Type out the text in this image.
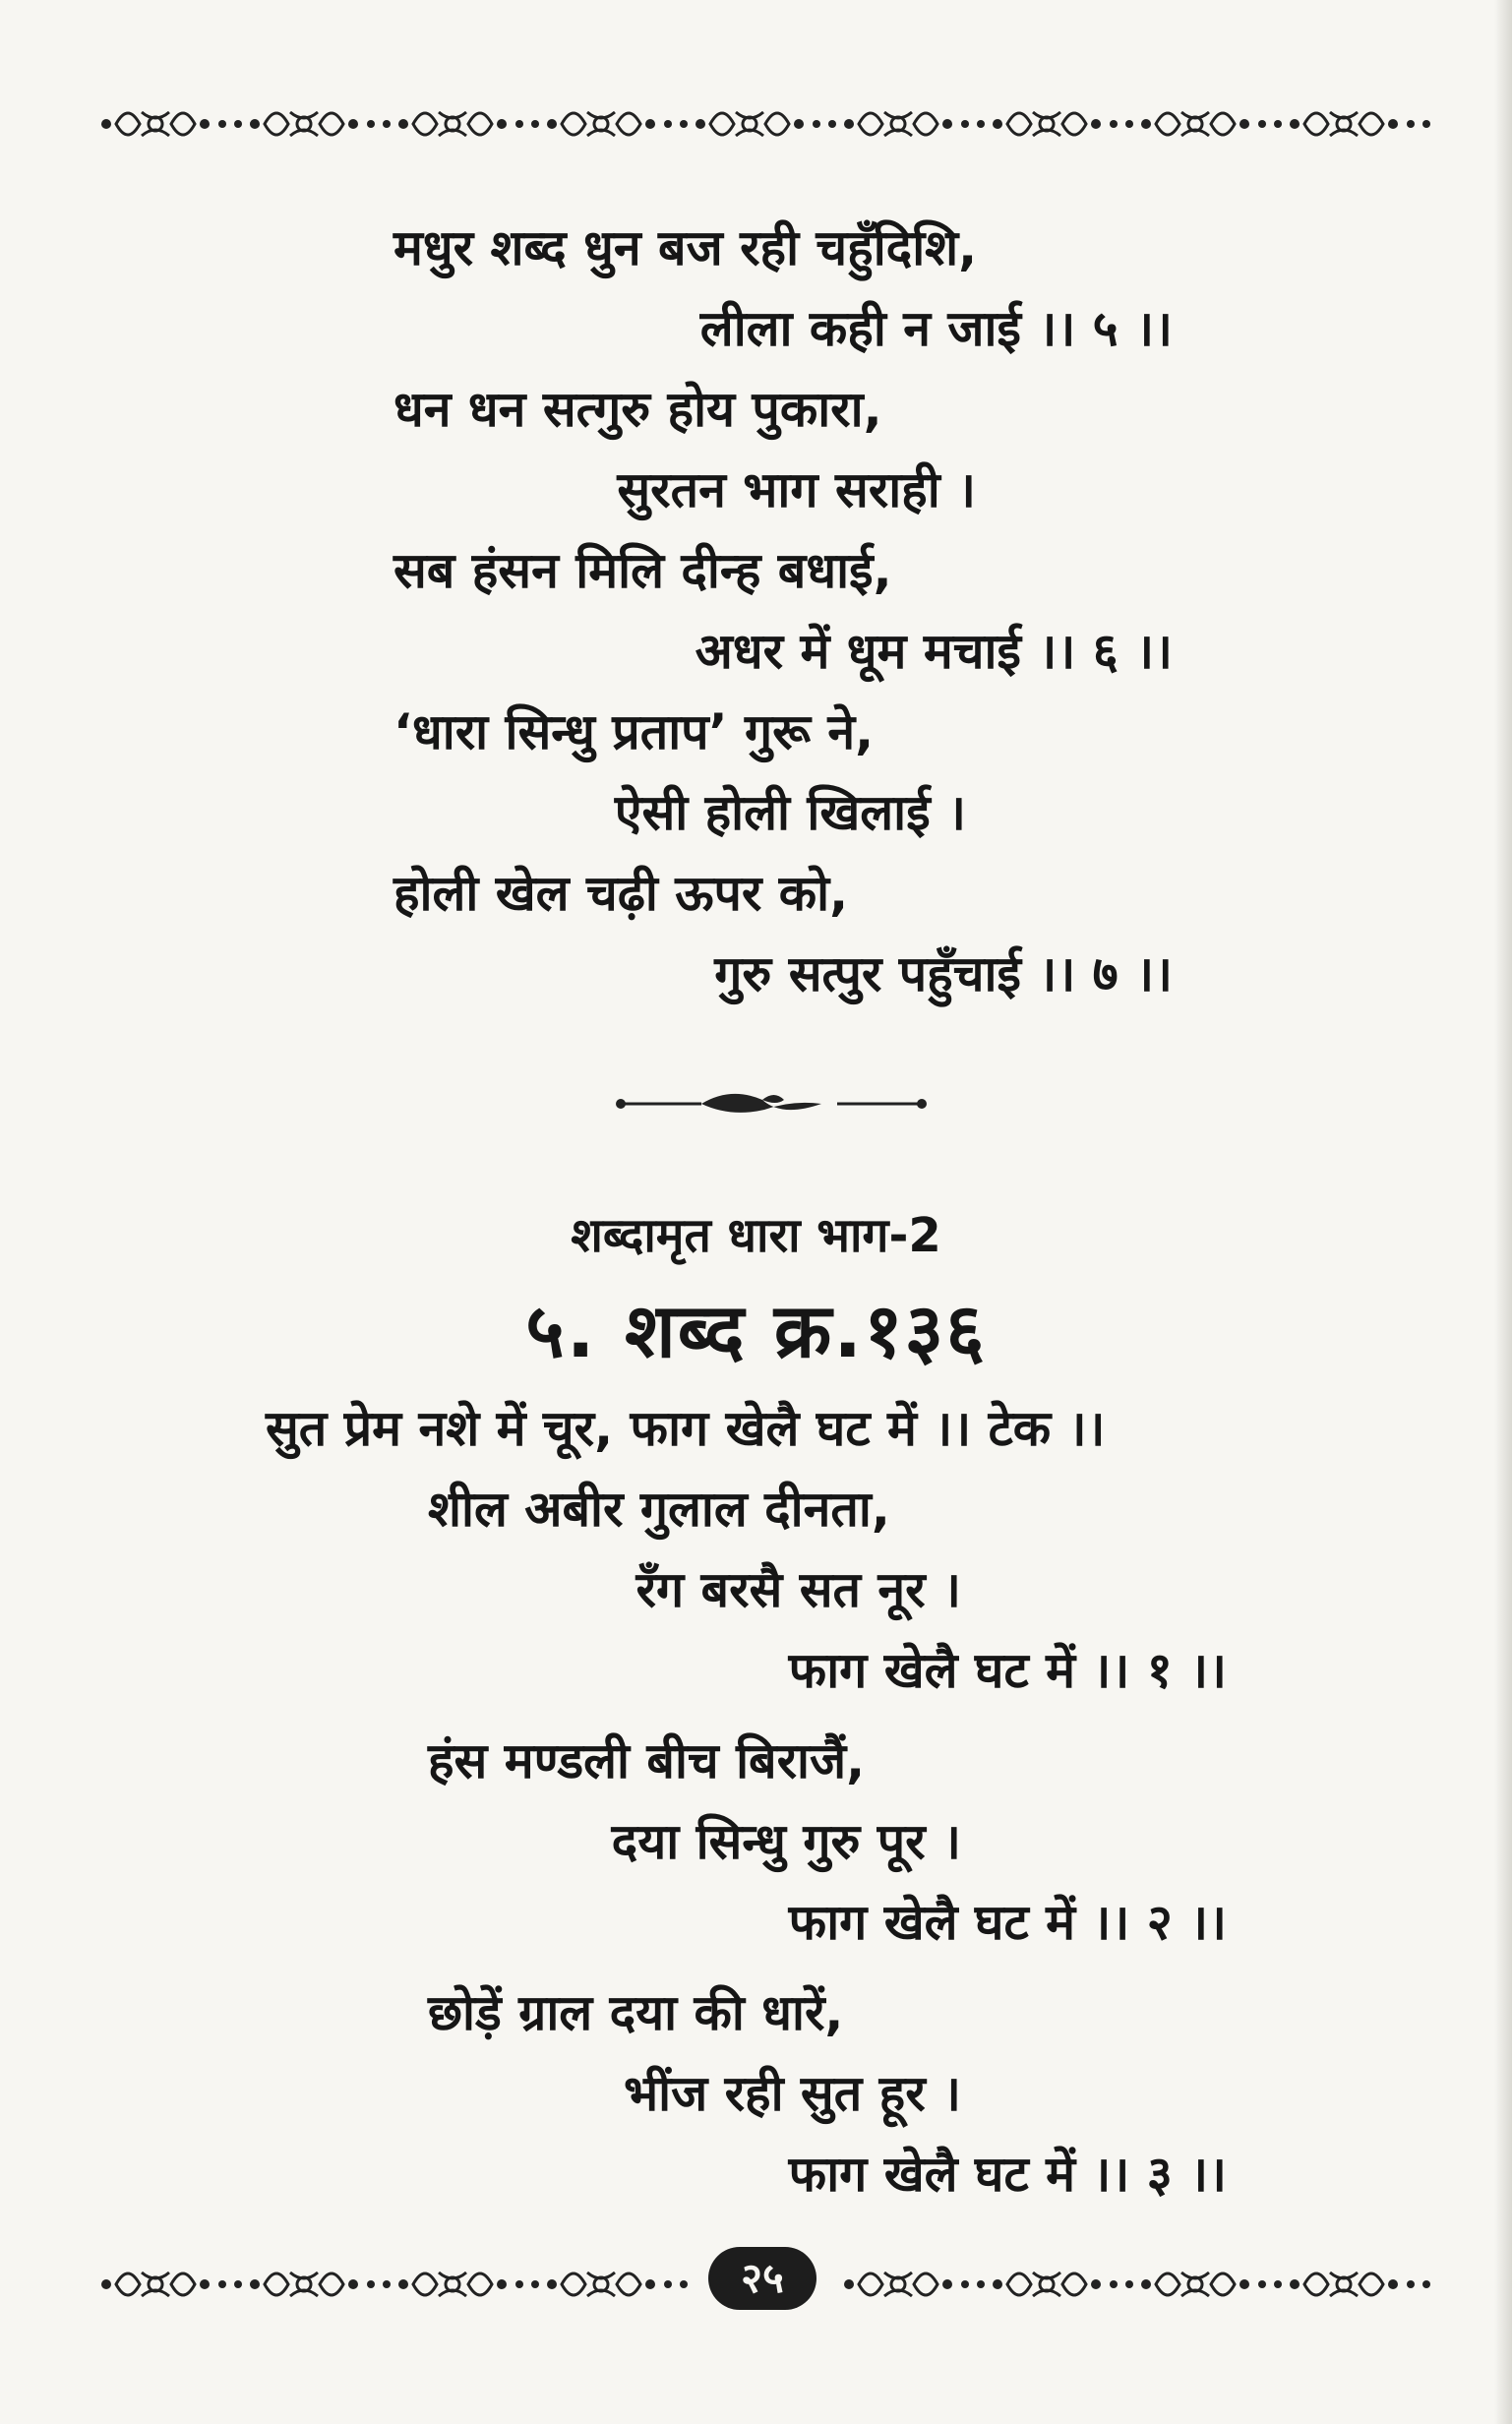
मधुर शब्द धुन बज रही चहुँदिशि,
लीला कही न जाई ।। ५ ।।
धन धन सत्गुरु होय पुकारा,
सुरतन भाग सराही ।
सब हंसन मिलि दीन्ह बधाई,
अधर में धूम मचाई ।। ६ ।।
‘धारा सिन्धु प्रताप’ गुरू ने,
ऐसी होली खिलाई ।
होली खेल चढ़ी ऊपर को,
गुरु सत्पुर पहुँचाई ।। ७ ।।
शब्दामृत धारा भाग-2
५. शब्द क्र.१३६
सुत प्रेम नशे में चूर, फाग खेलै घट में ।। टेक ।।
शील अबीर गुलाल दीनता,
रँग बरसै सत नूर ।
फाग खेलै घट में ।। १ ।।
हंस मण्डली बीच बिराजैं,
दया सिन्धु गुरु पूर ।
फाग खेलै घट में ।। २ ।।
छोड़ें ग्राल दया की धारें,
भींज रही सुत हूर ।
फाग खेलै घट में ।। ३ ।।
२५
